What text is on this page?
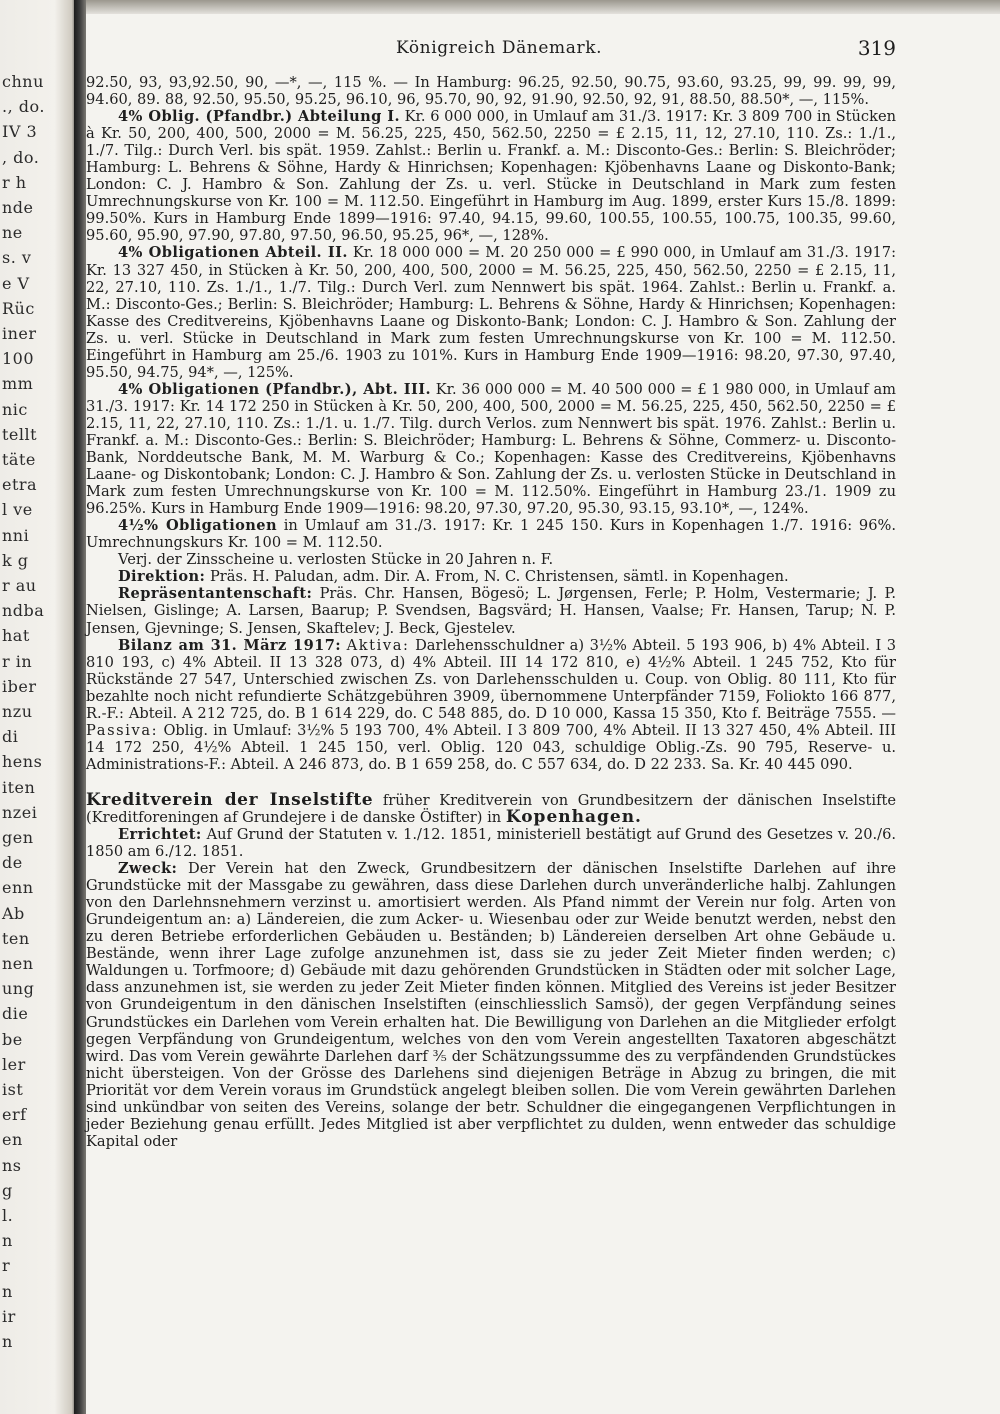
chnu
., do.
IV 3
, do.
r h
nde
ne
s. v
e V
Rüc
iner
100
mm
nic
tellt
täte
etra
l ve
nni
k g
r au
ndba
hat
r in
iber
nzu
di
hens
iten
nzei
gen
de
enn
Ab
ten
nen
ung
die
be
ler
ist
erf
en
ns
g
l.
n
r
n
ir
n
Königreich Dänemark.	319

92.50, 93, 93,92.50, 90, —*, —, 115 %. — In Hamburg: 96.25, 92.50, 90.75, 93.60, 93.25, 99, 99. 99, 99, 94.60, 89. 88, 92.50, 95.50, 95.25, 96.10, 96, 95.70, 90, 92, 91.90, 92.50, 92, 91, 88.50, 88.50*, —, 115%.

4% Oblig. (Pfandbr.) Abteilung I. Kr. 6 000 000, in Umlauf am 31./3. 1917: Kr. 3 809 700 in Stücken à Kr. 50, 200, 400, 500, 2000 = M. 56.25, 225, 450, 562.50, 2250 = £ 2.15, 11, 12, 27.10, 110. Zs.: 1./1., 1./7. Tilg.: Durch Verl. bis spät. 1959. Zahlst.: Berlin u. Frankf. a. M.: Disconto-Ges.: Berlin: S. Bleichröder; Hamburg: L. Behrens & Söhne, Hardy & Hinrichsen; Kopenhagen: Kjöbenhavns Laane og Diskonto-Bank; London: C. J. Hambro & Son. Zahlung der Zs. u. verl. Stücke in Deutschland in Mark zum festen Umrechnungskurse von Kr. 100 = M. 112.50. Eingeführt in Hamburg im Aug. 1899, erster Kurs 15./8. 1899: 99.50%. Kurs in Hamburg Ende 1899—1916: 97.40, 94.15, 99.60, 100.55, 100.55, 100.75, 100.35, 99.60, 95.60, 95.90, 97.90, 97.80, 97.50, 96.50, 95.25, 96*, —, 128%.

4% Obligationen Abteil. II. Kr. 18 000 000 = M. 20 250 000 = £ 990 000, in Umlauf am 31./3. 1917: Kr. 13 327 450, in Stücken à Kr. 50, 200, 400, 500, 2000 = M. 56.25, 225, 450, 562.50, 2250 = £ 2.15, 11, 22, 27.10, 110. Zs. 1./1., 1./7. Tilg.: Durch Verl. zum Nennwert bis spät. 1964. Zahlst.: Berlin u. Frankf. a. M.: Disconto-Ges.; Berlin: S. Bleichröder; Hamburg: L. Behrens & Söhne, Hardy & Hinrichsen; Kopenhagen: Kasse des Creditvereins, Kjöbenhavns Laane og Diskonto-Bank; London: C. J. Hambro & Son. Zahlung der Zs. u. verl. Stücke in Deutschland in Mark zum festen Umrechnungskurse von Kr. 100 = M. 112.50. Eingeführt in Hamburg am 25./6. 1903 zu 101%. Kurs in Hamburg Ende 1909—1916: 98.20, 97.30, 97.40, 95.50, 94.75, 94*, —, 125%.

4% Obligationen (Pfandbr.), Abt. III. Kr. 36 000 000 = M. 40 500 000 = £ 1 980 000, in Umlauf am 31./3. 1917: Kr. 14 172 250 in Stücken à Kr. 50, 200, 400, 500, 2000 = M. 56.25, 225, 450, 562.50, 2250 = £ 2.15, 11, 22, 27.10, 110. Zs.: 1./1. u. 1./7. Tilg. durch Verlos. zum Nennwert bis spät. 1976. Zahlst.: Berlin u. Frankf. a. M.: Disconto-Ges.: Berlin: S. Bleichröder; Hamburg: L. Behrens & Söhne, Commerz- u. Disconto-Bank, Norddeutsche Bank, M. M. Warburg & Co.; Kopenhagen: Kasse des Creditvereins, Kjöbenhavns Laane- og Diskontobank; London: C. J. Hambro & Son. Zahlung der Zs. u. verlosten Stücke in Deutschland in Mark zum festen Umrechnungskurse von Kr. 100 = M. 112.50%. Eingeführt in Hamburg 23./1. 1909 zu 96.25%. Kurs in Hamburg Ende 1909—1916: 98.20, 97.30, 97.20, 95.30, 93.15, 93.10*, —, 124%.

4½% Obligationen in Umlauf am 31./3. 1917: Kr. 1 245 150. Kurs in Kopenhagen 1./7. 1916: 96%. Umrechnungskurs Kr. 100 = M. 112.50.

Verj. der Zinsscheine u. verlosten Stücke in 20 Jahren n. F.

Direktion: Präs. H. Paludan, adm. Dir. A. From, N. C. Christensen, sämtl. in Kopenhagen.

Repräsentantenschaft: Präs. Chr. Hansen, Bögesö; L. Jørgensen, Ferle; P. Holm, Vestermarie; J. P. Nielsen, Gislinge; A. Larsen, Baarup; P. Svendsen, Bagsvärd; H. Hansen, Vaalse; Fr. Hansen, Tarup; N. P. Jensen, Gjevninge; S. Jensen, Skaftelev; J. Beck, Gjestelev.

Bilanz am 31. März 1917: Aktiva: Darlehensschuldner a) 3½% Abteil. 5 193 906, b) 4% Abteil. I 3 810 193, c) 4% Abteil. II 13 328 073, d) 4% Abteil. III 14 172 810, e) 4½% Abteil. 1 245 752, Kto für Rückstände 27 547, Unterschied zwischen Zs. von Darlehensschulden u. Coup. von Oblig. 80 111, Kto für bezahlte noch nicht refundierte Schätzgebühren 3909, übernommene Unterpfänder 7159, Foliokto 166 877, R.-F.: Abteil. A 212 725, do. B 1 614 229, do. C 548 885, do. D 10 000, Kassa 15 350, Kto f. Beiträge 7555. — Passiva: Oblig. in Umlauf: 3½% 5 193 700, 4% Abteil. I 3 809 700, 4% Abteil. II 13 327 450, 4% Abteil. III 14 172 250, 4½% Abteil. 1 245 150, verl. Oblig. 120 043, schuldige Oblig.-Zs. 90 795, Reserve- u. Administrations-F.: Abteil. A 246 873, do. B 1 659 258, do. C 557 634, do. D 22 233. Sa. Kr. 40 445 090.

Kreditverein der Inselstifte früher Kreditverein von Grundbesitzern der dänischen Inselstifte (Kreditforeningen af Grundejere i de danske Östifter) in Kopenhagen.

Errichtet: Auf Grund der Statuten v. 1./12. 1851, ministeriell bestätigt auf Grund des Gesetzes v. 20./6. 1850 am 6./12. 1851.

Zweck: Der Verein hat den Zweck, Grundbesitzern der dänischen Inselstifte Darlehen auf ihre Grundstücke mit der Massgabe zu gewähren, dass diese Darlehen durch unveränderliche halbj. Zahlungen von den Darlehnsnehmern verzinst u. amortisiert werden. Als Pfand nimmt der Verein nur folg. Arten von Grundeigentum an: a) Ländereien, die zum Acker- u. Wiesenbau oder zur Weide benutzt werden, nebst den zu deren Betriebe erforderlichen Gebäuden u. Beständen; b) Ländereien derselben Art ohne Gebäude u. Bestände, wenn ihrer Lage zufolge anzunehmen ist, dass sie zu jeder Zeit Mieter finden werden; c) Waldungen u. Torfmoore; d) Gebäude mit dazu gehörenden Grundstücken in Städten oder mit solcher Lage, dass anzunehmen ist, sie werden zu jeder Zeit Mieter finden können. Mitglied des Vereins ist jeder Besitzer von Grundeigentum in den dänischen Inselstiften (einschliesslich Samsö), der gegen Verpfändung seines Grundstückes ein Darlehen vom Verein erhalten hat. Die Bewilligung von Darlehen an die Mitglieder erfolgt gegen Verpfändung von Grundeigentum, welches von den vom Verein angestellten Taxatoren abgeschätzt wird. Das vom Verein gewährte Darlehen darf ⅗ der Schätzungssumme des zu verpfändenden Grundstückes nicht übersteigen. Von der Grösse des Darlehens sind diejenigen Beträge in Abzug zu bringen, die mit Priorität vor dem Verein voraus im Grundstück angelegt bleiben sollen. Die vom Verein gewährten Darlehen sind unkündbar von seiten des Vereins, solange der betr. Schuldner die eingegangenen Verpflichtungen in jeder Beziehung genau erfüllt. Jedes Mitglied ist aber verpflichtet zu dulden, wenn entweder das schuldige Kapital oder
